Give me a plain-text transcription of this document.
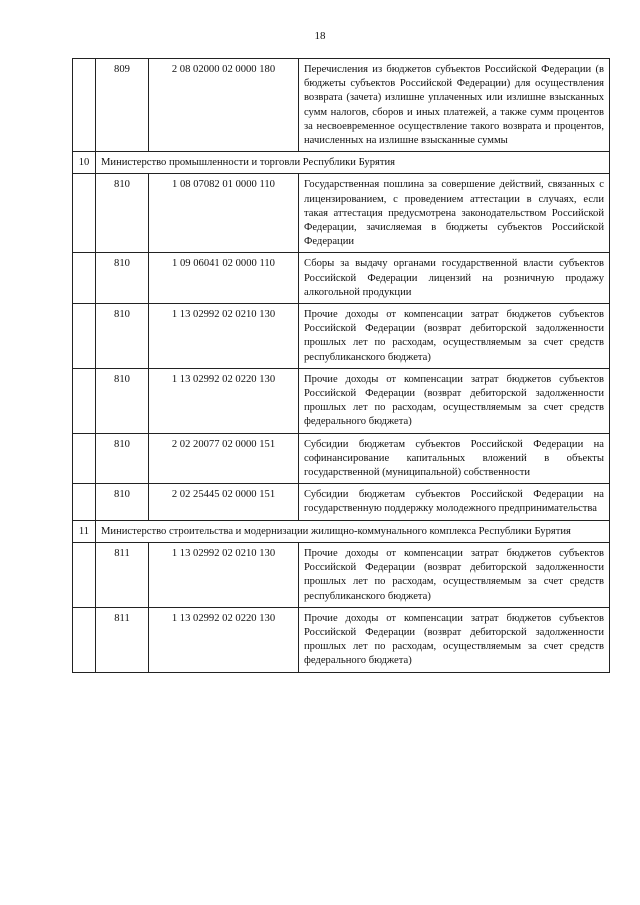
18
	809	2 08 02000 02 0000 180	Перечисления из бюджетов субъектов Российской Федерации (в бюджеты субъектов Российской Федерации) для осуществления возврата (зачета) излишне уплаченных или излишне взысканных сумм налогов, сборов и иных платежей, а также сумм процентов за несвоевременное осуществление такого возврата и процентов, начисленных на излишне взысканные суммы
10	Министерство промышленности и торговли Республики Бурятия		
	810	1 08 07082 01 0000 110	Государственная пошлина за совершение действий, связанных с лицензированием, с проведением аттестации в случаях, если такая аттестация предусмотрена законодательством Российской Федерации, зачисляемая в бюджеты субъектов Российской Федерации
	810	1 09 06041 02 0000 110	Сборы за выдачу органами государственной власти субъектов Российской Федерации лицензий на розничную продажу алкогольной продукции
	810	1 13 02992 02 0210 130	Прочие доходы от компенсации затрат бюджетов субъектов Российской Федерации (возврат дебиторской задолженности прошлых лет по расходам, осуществляемым за счет средств республиканского бюджета)
	810	1 13 02992 02 0220 130	Прочие доходы от компенсации затрат бюджетов субъектов Российской Федерации (возврат дебиторской задолженности прошлых лет по расходам, осуществляемым за счет средств федерального бюджета)
	810	2 02 20077 02 0000 151	Субсидии бюджетам субъектов Российской Федерации на софинансирование капитальных вложений в объекты государственной (муниципальной) собственности
	810	2 02 25445 02 0000 151	Субсидии бюджетам субъектов Российской Федерации на государственную поддержку молодежного предпринимательства
11	Министерство строительства и модернизации жилищно-коммунального комплекса Республики Бурятия		
	811	1 13 02992 02 0210 130	Прочие доходы от компенсации затрат бюджетов субъектов Российской Федерации (возврат дебиторской задолженности прошлых лет по расходам, осуществляемым за счет средств республиканского бюджета)
	811	1 13 02992 02 0220 130	Прочие доходы от компенсации затрат бюджетов субъектов Российской Федерации (возврат дебиторской задолженности прошлых лет по расходам, осуществляемым за счет средств федерального бюджета)
